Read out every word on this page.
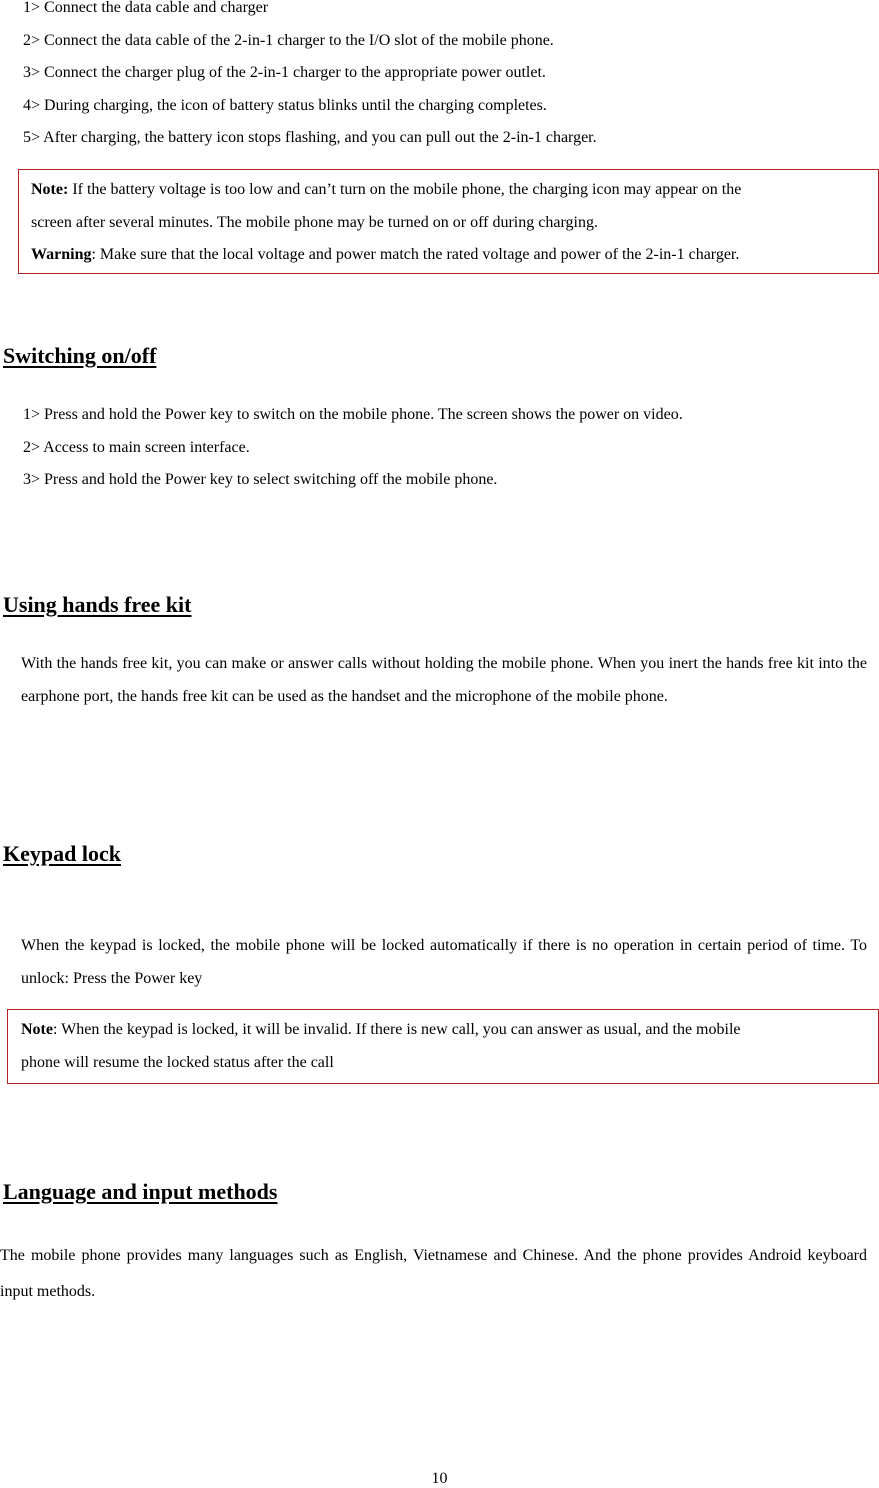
1> Connect the data cable and charger
2> Connect the data cable of the 2-in-1 charger to the I/O slot of the mobile phone.
3> Connect the charger plug of the 2-in-1 charger to the appropriate power outlet.
4> During charging, the icon of battery status blinks until the charging completes.
5> After charging, the battery icon stops flashing, and you can pull out the 2-in-1 charger.
Note: If the battery voltage is too low and can’t turn on the mobile phone, the charging icon may appear on the
screen after several minutes. The mobile phone may be turned on or off during charging.
Warning: Make sure that the local voltage and power match the rated voltage and power of the 2-in-1 charger.
Switching on/off
1> Press and hold the Power key to switch on the mobile phone. The screen shows the power on video.
2> Access to main screen interface.
3> Press and hold the Power key to select switching off the mobile phone.
Using hands free kit
With the hands free kit, you can make or answer calls without holding the mobile phone. When you inert the hands free kit into the earphone port, the hands free kit can be used as the handset and the microphone of the mobile phone.
Keypad lock
When the keypad is locked, the mobile phone will be locked automatically if there is no operation in certain period of time. To unlock: Press the Power key
Note: When the keypad is locked, it will be invalid. If there is new call, you can answer as usual, and the mobile
phone will resume the locked status after the call
Language and input methods
The mobile phone provides many languages such as English, Vietnamese and Chinese. And the phone provides Android keyboard input methods.
10
